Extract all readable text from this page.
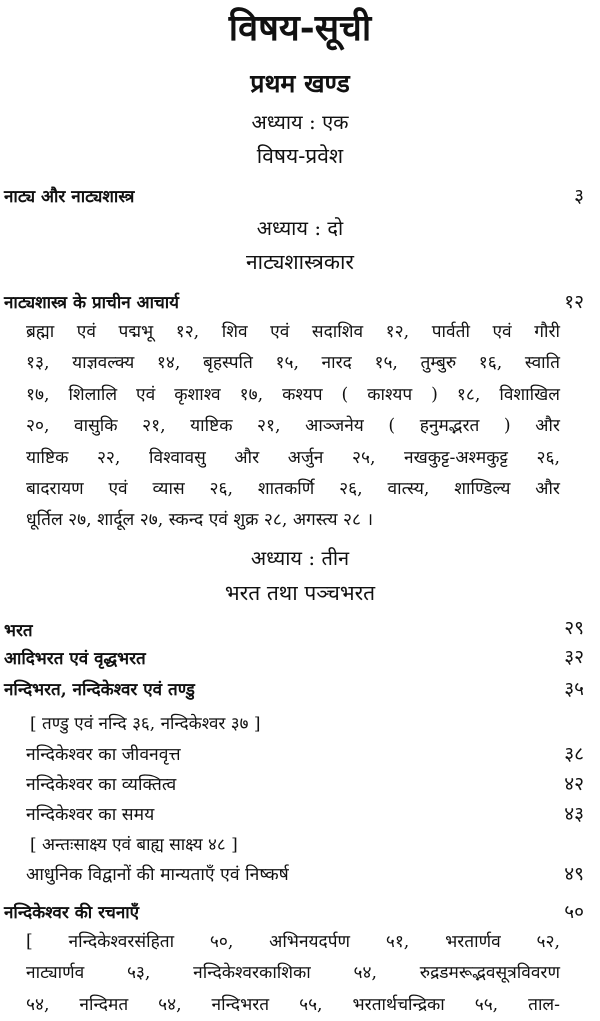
विषय-सूची
प्रथम खण्ड
अध्याय : एक
विषय-प्रवेश
नाट्य और नाट्यशास्त्र	३
अध्याय : दो
नाट्यशास्त्रकार
नाट्यशास्त्र के प्राचीन आचार्य	१२
ब्रह्मा एवं पद्मभू १२, शिव एवं सदाशिव १२, पार्वती एवं गौरी
१३, याज्ञवल्क्य १४, बृहस्पति १५, नारद १५, तुम्बुरु १६, स्वाति
१७, शिलालि एवं कृशाश्व १७, कश्यप ( काश्यप ) १८, विशाखिल
२०, वासुकि २१, याष्टिक २१, आञ्जनेय ( हनुमद्भरत ) और
याष्टिक २२, विश्वावसु और अर्जुन २५, नखकुट्ट-अश्मकुट्ट २६,
बादरायण एवं व्यास २६, शातकर्णि २६, वात्स्य, शाण्डिल्य और
धूर्तिल २७, शार्दूल २७, स्कन्द एवं शुक्र २८, अगस्त्य २८ ।
अध्याय : तीन
भरत तथा पञ्चभरत
भरत	२९
आदिभरत एवं वृद्धभरत	३२
नन्दिभरत, नन्दिकेश्वर एवं तण्डु	३५
[ तण्डु एवं नन्दि ३६, नन्दिकेश्वर ३७ ]
नन्दिकेश्वर का जीवनवृत्त	३८
नन्दिकेश्वर का व्यक्तित्व	४२
नन्दिकेश्वर का समय	४३
[ अन्तःसाक्ष्य एवं बाह्य साक्ष्य ४८ ]
आधुनिक विद्वानों की मान्यताएँ एवं निष्कर्ष	४९
नन्दिकेश्वर की रचनाएँ	५०
[ नन्दिकेश्वरसंहिता ५०, अभिनयदर्पण ५१, भरतार्णव ५२,
नाट्यार्णव ५३, नन्दिकेश्वरकाशिका ५४, रुद्रडमरूद्भवसूत्रविवरण
५४, नन्दिमत ५४, नन्दिभरत ५५, भरतार्थचन्द्रिका ५५, ताल-
